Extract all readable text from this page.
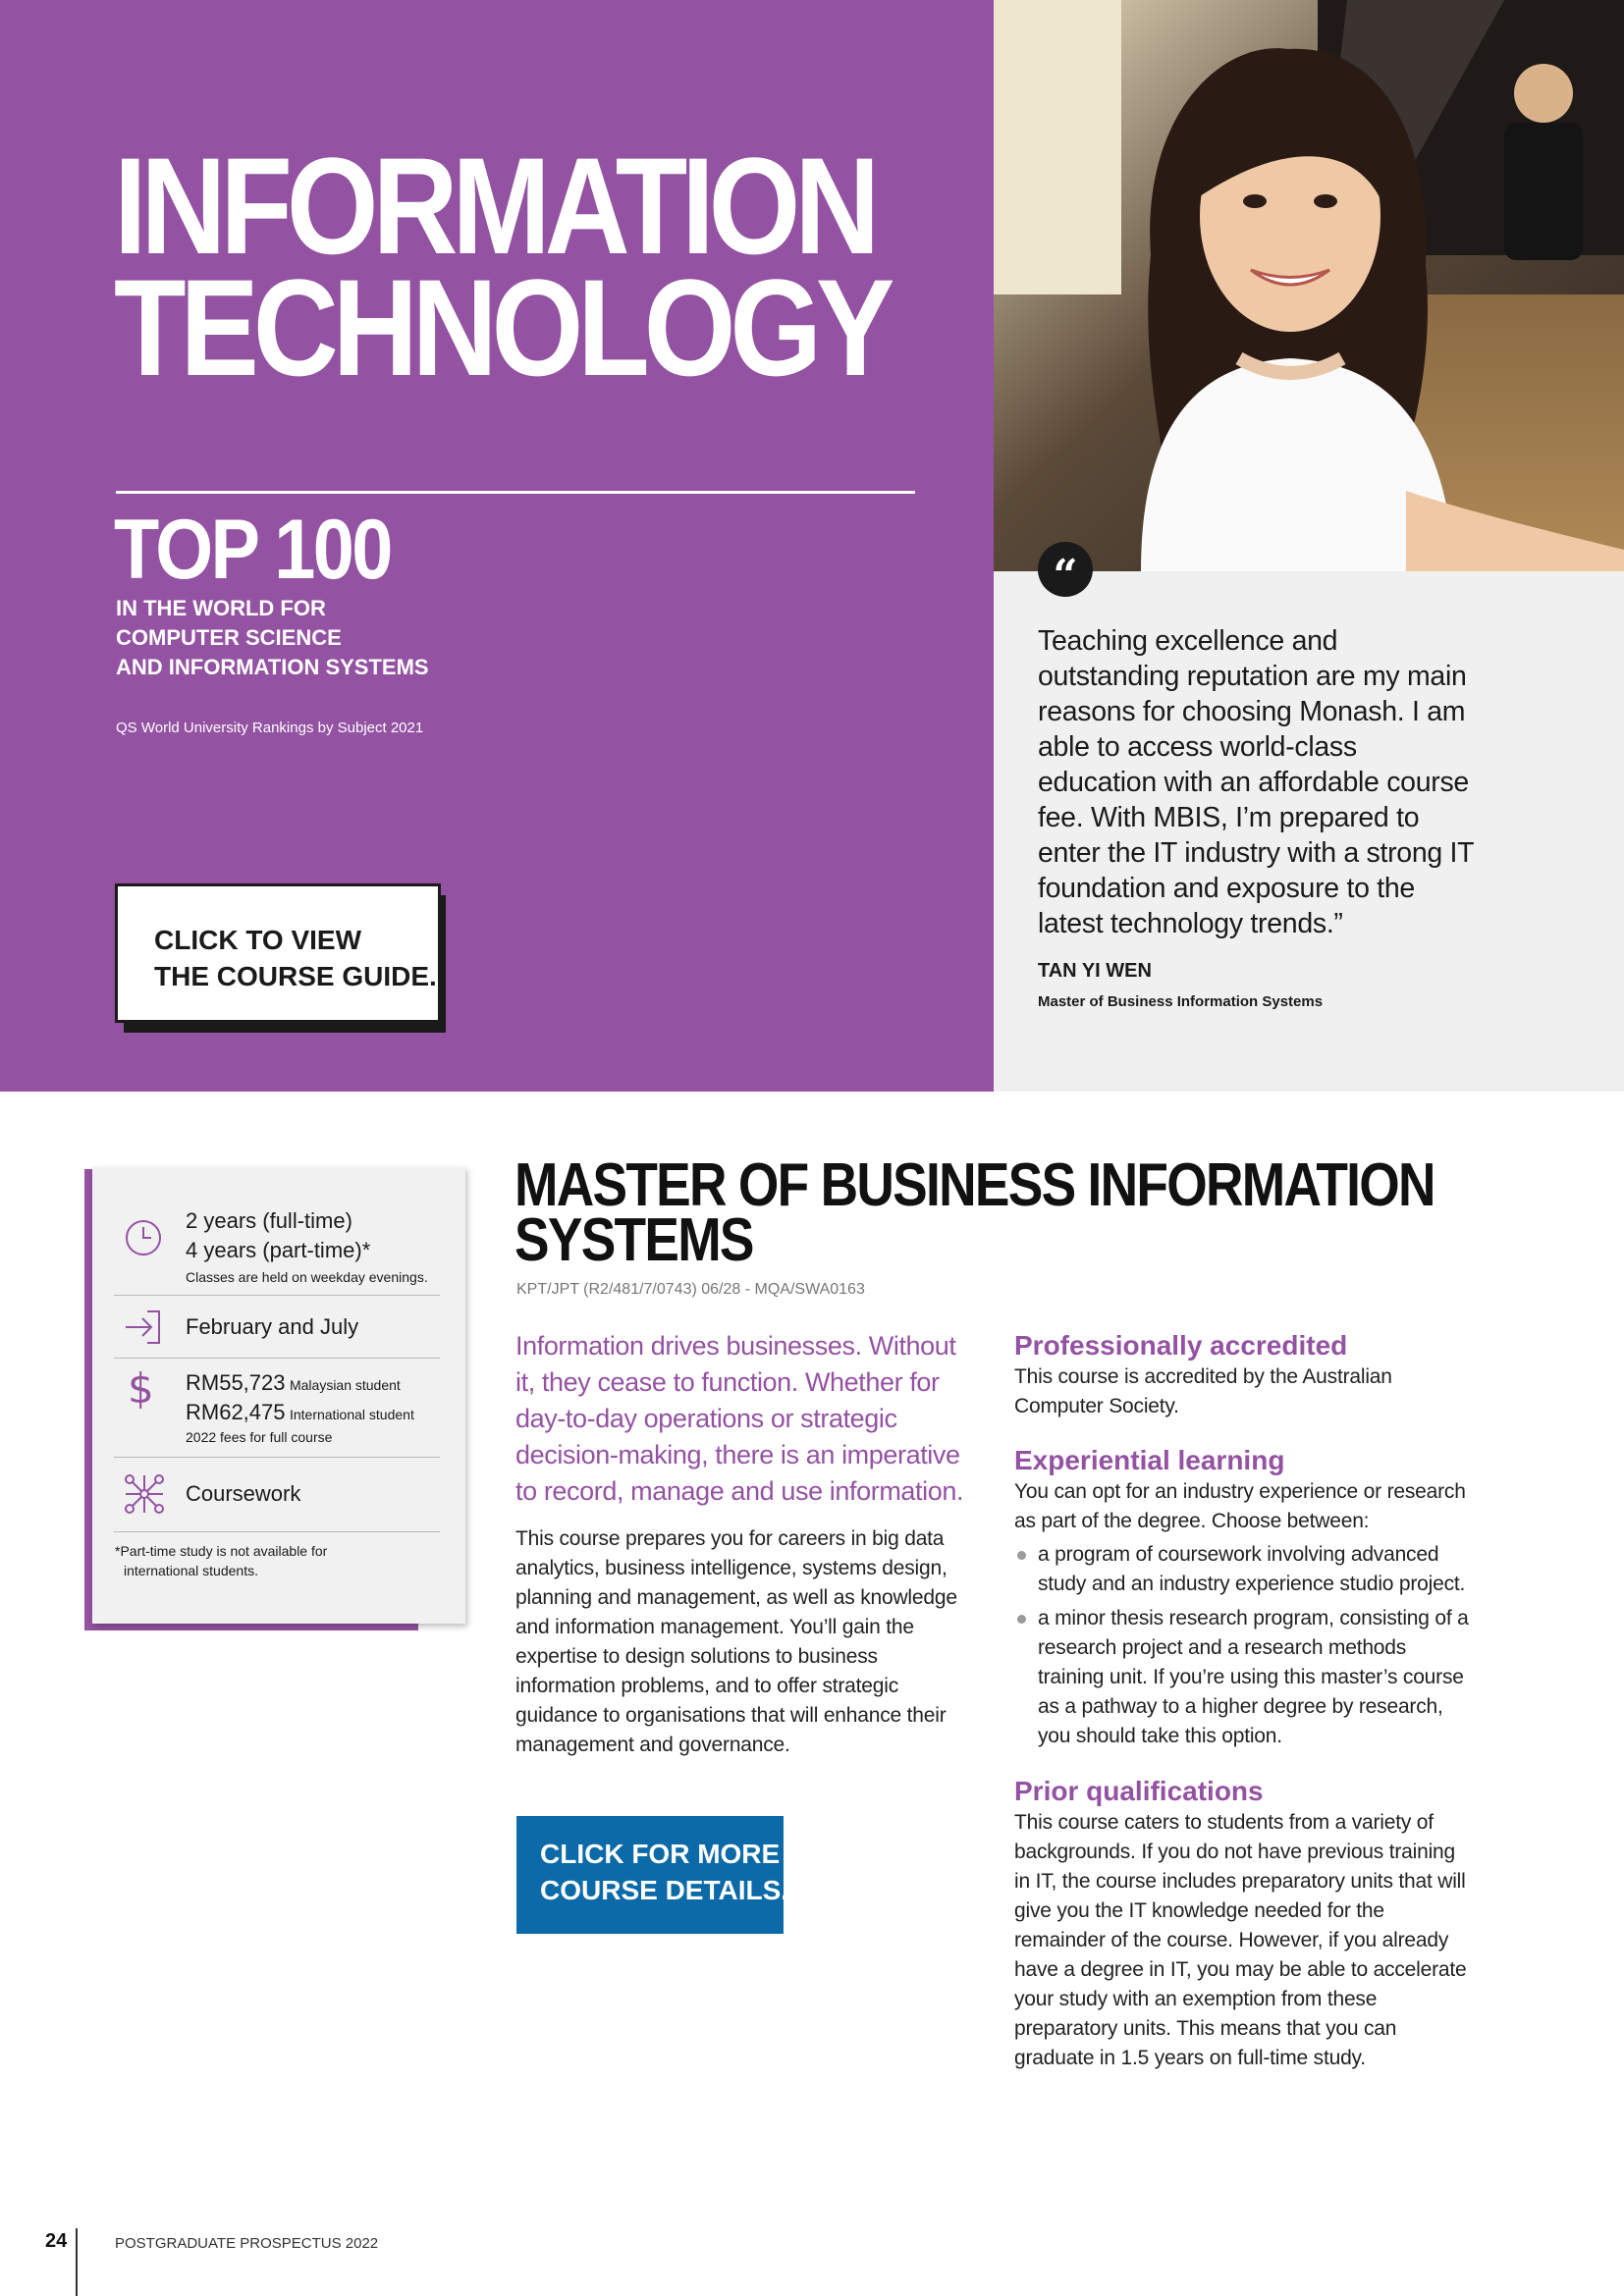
INFORMATION
TECHNOLOGY
TOP 100
IN THE WORLD FOR
COMPUTER SCIENCE
AND INFORMATION SYSTEMS
QS World University Rankings by Subject 2021
CLICK TO VIEW
THE COURSE GUIDE.
“
Teaching excellence and outstanding reputation are my main reasons for choosing Monash. I am able to access world-class education with an affordable course fee. With MBIS, I’m prepared to enter the IT industry with a strong IT foundation and exposure to the latest technology trends.”
TAN YI WEN
Master of Business Information Systems
2 years (full-time)
4 years (part-time)*
Classes are held on weekday evenings.
February and July
$ RM55,723 Malaysian student
RM62,475 International student
2022 fees for full course
Coursework
*Part-time study is not available for
international students.
MASTER OF BUSINESS INFORMATION
SYSTEMS
KPT/JPT (R2/481/7/0743) 06/28 - MQA/SWA0163
Information drives businesses. Without it, they cease to function. Whether for day-to-day operations or strategic decision-making, there is an imperative to record, manage and use information.
This course prepares you for careers in big data analytics, business intelligence, systems design, planning and management, as well as knowledge and information management. You’ll gain the expertise to design solutions to business information problems, and to offer strategic guidance to organisations that will enhance their management and governance.
CLICK FOR MORE
COURSE DETAILS.
Professionally accredited
This course is accredited by the Australian Computer Society.
Experiential learning
You can opt for an industry experience or research as part of the degree. Choose between:
a program of coursework involving advanced study and an industry experience studio project.
a minor thesis research program, consisting of a research project and a research methods training unit. If you’re using this master’s course as a pathway to a higher degree by research, you should take this option.
Prior qualifications
This course caters to students from a variety of backgrounds. If you do not have previous training in IT, the course includes preparatory units that will give you the IT knowledge needed for the remainder of the course. However, if you already have a degree in IT, you may be able to accelerate your study with an exemption from these preparatory units. This means that you can graduate in 1.5 years on full-time study.
24	POSTGRADUATE PROSPECTUS 2022
